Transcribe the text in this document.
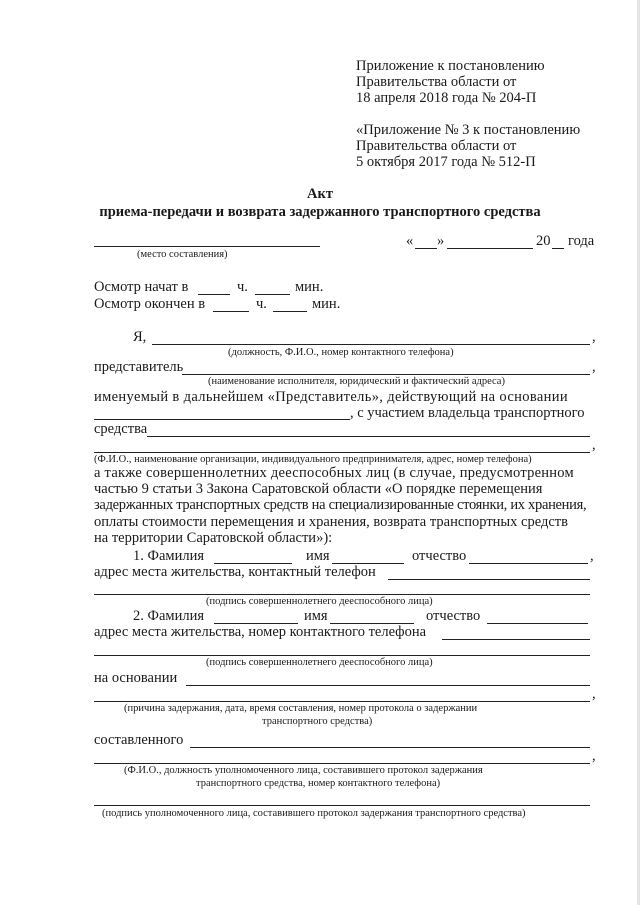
Приложение к постановлению
Правительства области от
18 апреля 2018 года № 204-П
«Приложение № 3 к постановлению
Правительства области от
5 октября 2017 года № 512-П
Акт
приема-передачи и возврата задержанного транспортного средства
(место составления)
« »	20 года
Осмотр начат в	ч.	мин.
Осмотр окончен в	ч.	мин.
Я,	,
(должность, Ф.И.О., номер контактного телефона)
представитель	,
(наименование исполнителя, юридический и фактический адреса)
именуемый в дальнейшем «Представитель», действующий на основании
, с участием владельца транспортного
средства
,
(Ф.И.О., наименование организации, индивидуального предпринимателя, адрес, номер телефона)
а также совершеннолетних дееспособных лиц (в случае, предусмотренном
частью 9 статьи 3 Закона Саратовской области «О порядке перемещения
задержанных транспортных средств на специализированные стоянки, их хранения,
оплаты стоимости перемещения и хранения, возврата транспортных средств
на территории Саратовской области»):
1. Фамилия	имя	отчество	,
адрес места жительства, контактный телефон
(подпись совершеннолетнего дееспособного лица)
2. Фамилия	имя	отчество
адрес места жительства, номер контактного телефона
(подпись совершеннолетнего дееспособного лица)
на основании
,
(причина задержания, дата, время составления, номер протокола о задержании
транспортного средства)
составленного
,
(Ф.И.О., должность уполномоченного лица, составившего протокол задержания
транспортного средства, номер контактного телефона)
(подпись уполномоченного лица, составившего протокол задержания транспортного средства)
